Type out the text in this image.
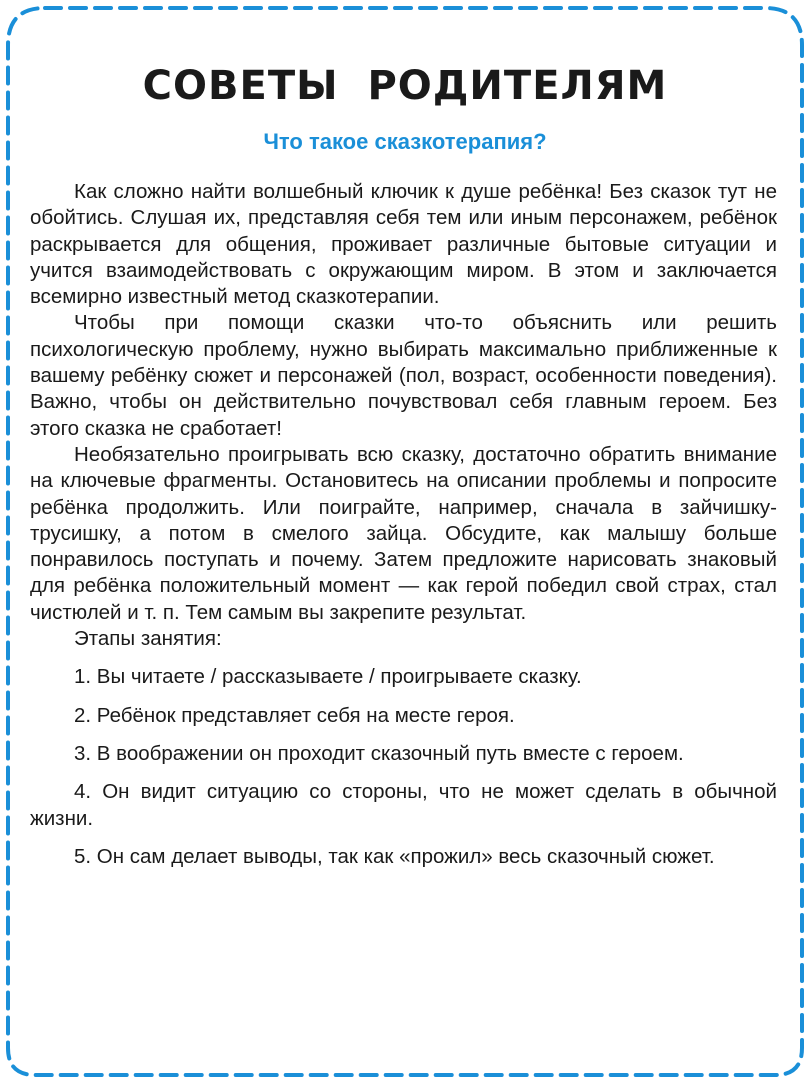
СОВЕТЫ РОДИТЕЛЯМ
Что такое сказкотерапия?

Как сложно найти волшебный ключик к душе ребёнка! Без сказок тут не обойтись. Слушая их, представляя себя тем или иным персонажем, ребёнок раскрывается для общения, проживает различные бытовые ситуации и учится взаимодействовать с окружающим миром. В этом и заключается всемирно известный метод сказкотерапии.

Чтобы при помощи сказки что-то объяснить или решить психологическую проблему, нужно выбирать максимально приближенные к вашему ребёнку сюжет и персонажей (пол, возраст, особенности поведения). Важно, чтобы он действительно почувствовал себя главным героем. Без этого сказка не сработает!

Необязательно проигрывать всю сказку, достаточно обратить внимание на ключевые фрагменты. Остановитесь на описании проблемы и попросите ребёнка продолжить. Или поиграйте, например, сначала в зайчишку-трусишку, а потом в смелого зайца. Обсудите, как малышу больше понравилось поступать и почему. Затем предложите нарисовать знаковый для ребёнка положительный момент — как герой победил свой страх, стал чистюлей и т. п. Тем самым вы закрепите результат.

Этапы занятия:

1. Вы читаете / рассказываете / проигрываете сказку.
2. Ребёнок представляет себя на месте героя.
3. В воображении он проходит сказочный путь вместе с героем.
4. Он видит ситуацию со стороны, что не может сделать в обычной жизни.
5. Он сам делает выводы, так как «прожил» весь сказочный сюжет.
